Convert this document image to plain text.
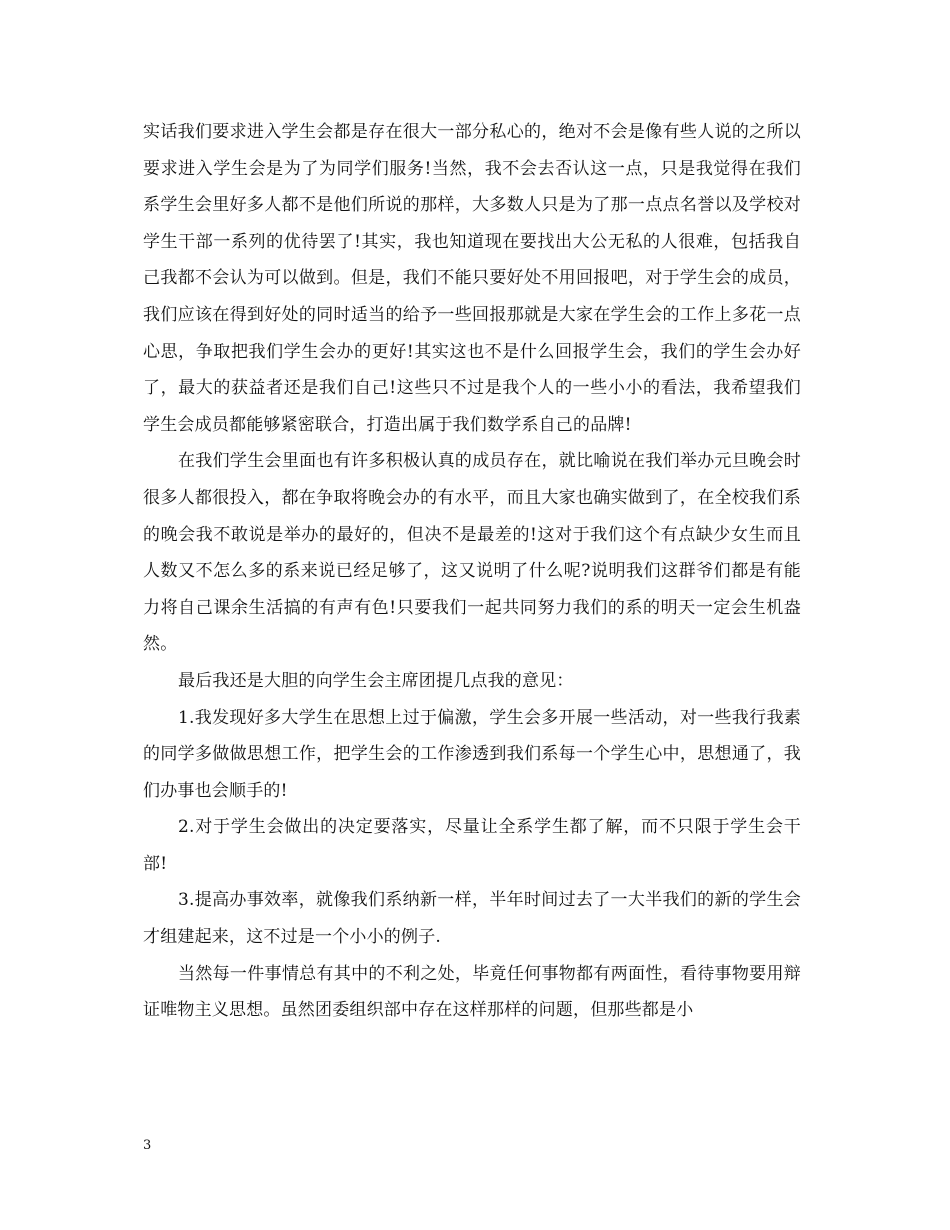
实话我们要求进入学生会都是存在很大一部分私心的，绝对不会是像有些人说的之所以要求进入学生会是为了为同学们服务!当然，我不会去否认这一点，只是我觉得在我们系学生会里好多人都不是他们所说的那样，大多数人只是为了那一点点名誉以及学校对学生干部一系列的优待罢了!其实，我也知道现在要找出大公无私的人很难，包括我自己我都不会认为可以做到。但是，我们不能只要好处不用回报吧，对于学生会的成员，我们应该在得到好处的同时适当的给予一些回报那就是大家在学生会的工作上多花一点心思，争取把我们学生会办的更好!其实这也不是什么回报学生会，我们的学生会办好了，最大的获益者还是我们自己!这些只不过是我个人的一些小小的看法，我希望我们学生会成员都能够紧密联合，打造出属于我们数学系自己的品牌!

在我们学生会里面也有许多积极认真的成员存在，就比喻说在我们举办元旦晚会时很多人都很投入，都在争取将晚会办的有水平，而且大家也确实做到了，在全校我们系的晚会我不敢说是举办的最好的，但决不是最差的!这对于我们这个有点缺少女生而且人数又不怎么多的系来说已经足够了，这又说明了什么呢?说明我们这群爷们都是有能力将自己课余生活搞的有声有色!只要我们一起共同努力我们的系的明天一定会生机盎然。

最后我还是大胆的向学生会主席团提几点我的意见：

1.我发现好多大学生在思想上过于偏激，学生会多开展一些活动，对一些我行我素的同学多做做思想工作，把学生会的工作渗透到我们系每一个学生心中，思想通了，我们办事也会顺手的!

2.对于学生会做出的决定要落实，尽量让全系学生都了解，而不只限于学生会干部!

3.提高办事效率，就像我们系纳新一样，半年时间过去了一大半我们的新的学生会才组建起来，这不过是一个小小的例子.

当然每一件事情总有其中的不利之处，毕竟任何事物都有两面性，看待事物要用辩证唯物主义思想。虽然团委组织部中存在这样那样的问题，但那些都是小

3
